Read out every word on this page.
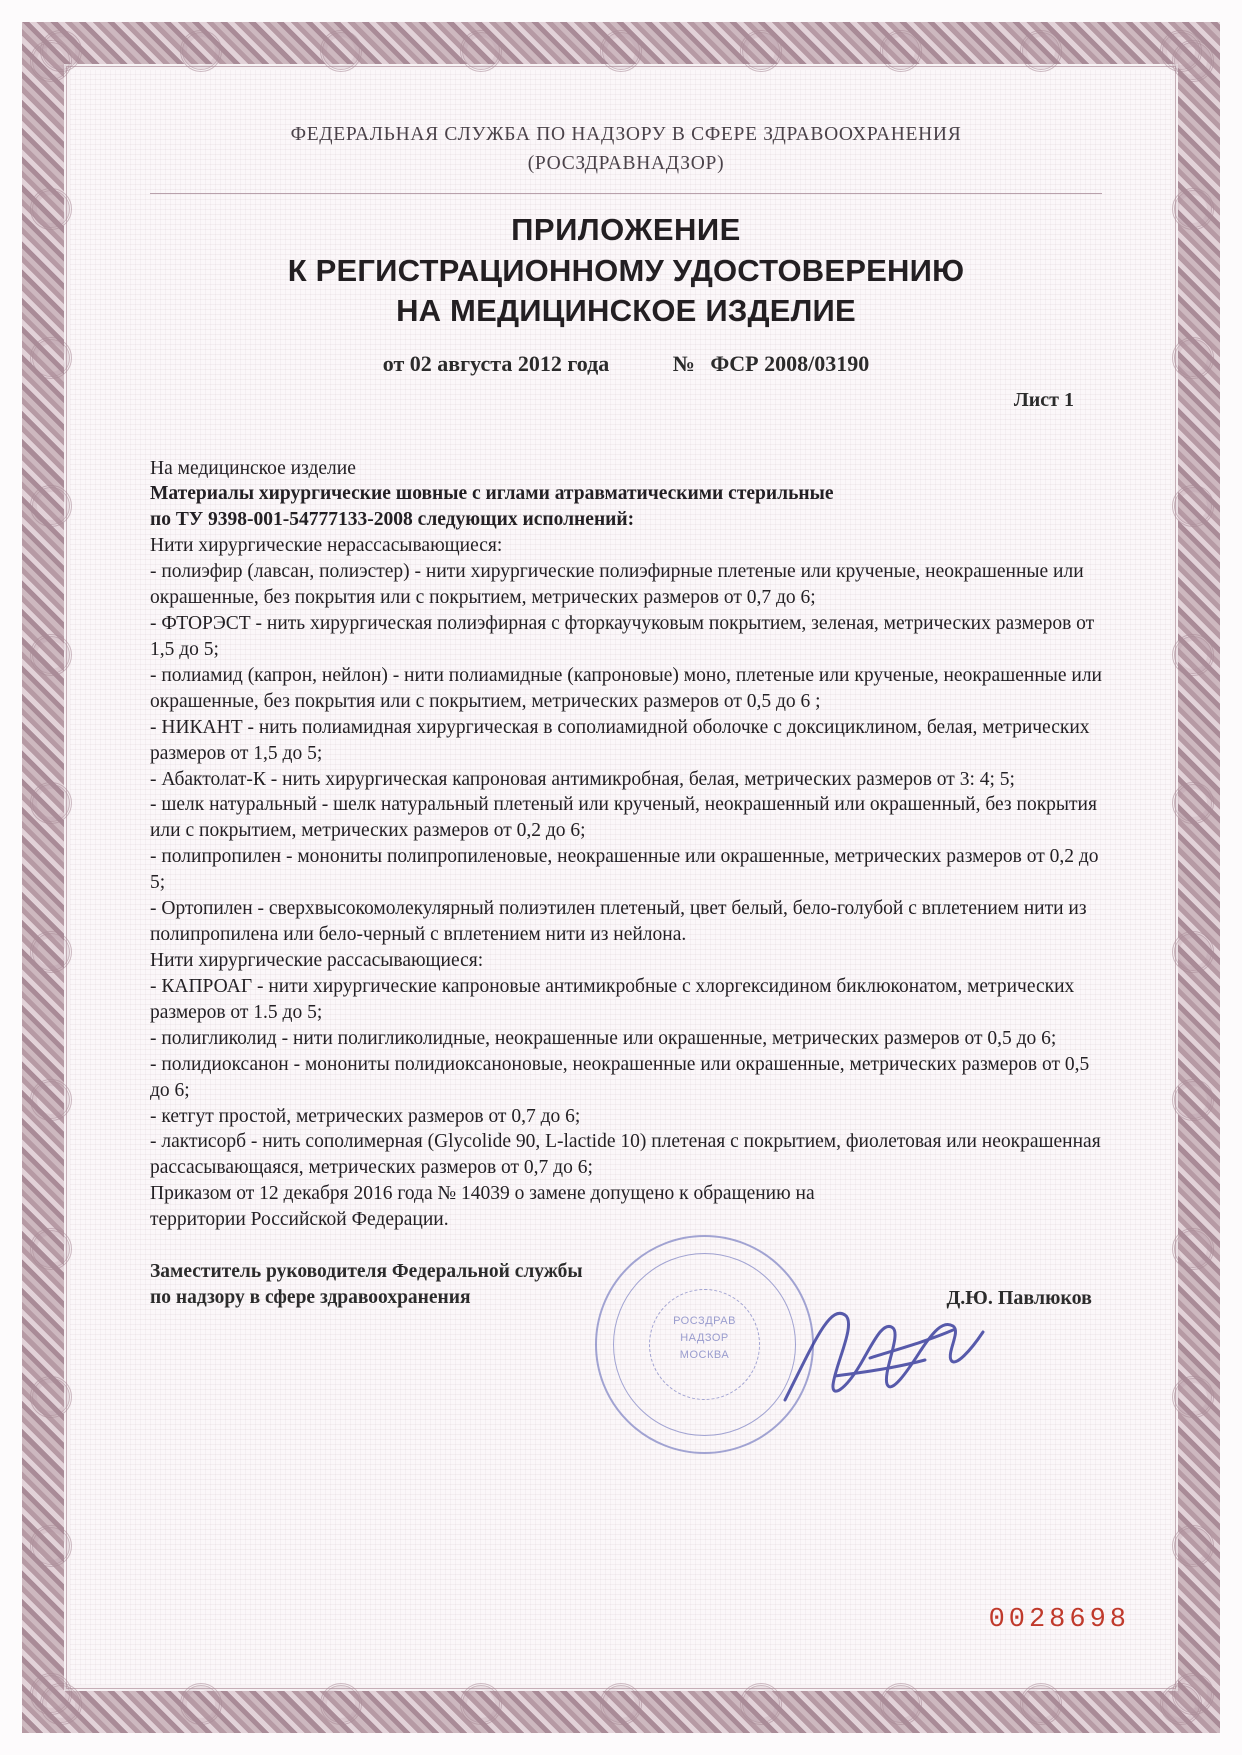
ФЕДЕРАЛЬНАЯ СЛУЖБА ПО НАДЗОРУ В СФЕРЕ ЗДРАВООХРАНЕНИЯ
(РОСЗДРАВНАДЗОР)
ПРИЛОЖЕНИЕ
К РЕГИСТРАЦИОННОМУ УДОСТОВЕРЕНИЮ
НА МЕДИЦИНСКОЕ ИЗДЕЛИЕ
от 02 августа 2012 года	№ ФСР 2008/03190
Лист 1

На медицинское изделие

Материалы хирургические шовные с иглами атравматическими стерильные

по ТУ 9398-001-54777133-2008 следующих исполнений:

Нити хирургические нерассасывающиеся:

- полиэфир (лавсан, полиэстер) - нити хирургические полиэфирные плетеные или крученые, неокрашенные или окрашенные, без покрытия или с покрытием, метрических размеров от 0,7 до 6;

- ФТОРЭСТ - нить хирургическая полиэфирная с фторкаучуковым покрытием, зеленая, метрических размеров от 1,5 до 5;

- полиамид (капрон, нейлон) - нити полиамидные (капроновые) моно, плетеные или крученые, неокрашенные или окрашенные, без покрытия или с покрытием, метрических размеров от 0,5 до 6 ;

- НИКАНТ - нить полиамидная хирургическая в сополиамидной оболочке с доксициклином, белая, метрических размеров от 1,5 до 5;

- Абактолат-К - нить хирургическая капроновая антимикробная, белая, метрических размеров от 3: 4; 5;

- шелк натуральный - шелк натуральный плетеный или крученый, неокрашенный или окрашенный, без покрытия или с покрытием, метрических размеров от 0,2 до 6;

- полипропилен - монониты полипропиленовые, неокрашенные или окрашенные, метрических размеров от 0,2 до 5;

- Ортопилен - сверхвысокомолекулярный полиэтилен плетеный, цвет белый, бело-голубой с вплетением нити из полипропилена или бело-черный с вплетением нити из нейлона.

Нити хирургические рассасывающиеся:

- КАПРОАГ - нити хирургические капроновые антимикробные с хлоргексидином биклюконатом, метрических размеров от 1.5 до 5;

- полигликолид - нити полигликолидные, неокрашенные или окрашенные, метрических размеров от 0,5 до 6;

- полидиоксанон - монониты полидиоксаноновые, неокрашенные или окрашенные, метрических размеров от 0,5 до 6;

- кетгут простой, метрических размеров от 0,7 до 6;

- лактисорб - нить сополимерная (Glycolide 90, L-lactide 10) плетеная с покрытием, фиолетовая или неокрашенная рассасывающаяся, метрических размеров от 0,7 до 6;

Приказом от 12 декабря 2016 года № 14039 о замене допущено к обращению на

территории Российской Федерации.

Заместитель руководителя Федеральной службы
по надзору в сфере здравоохранения	Д.Ю. Павлюков
РОСЗДРАВ
НАДЗОР
МОСКВА
0028698
